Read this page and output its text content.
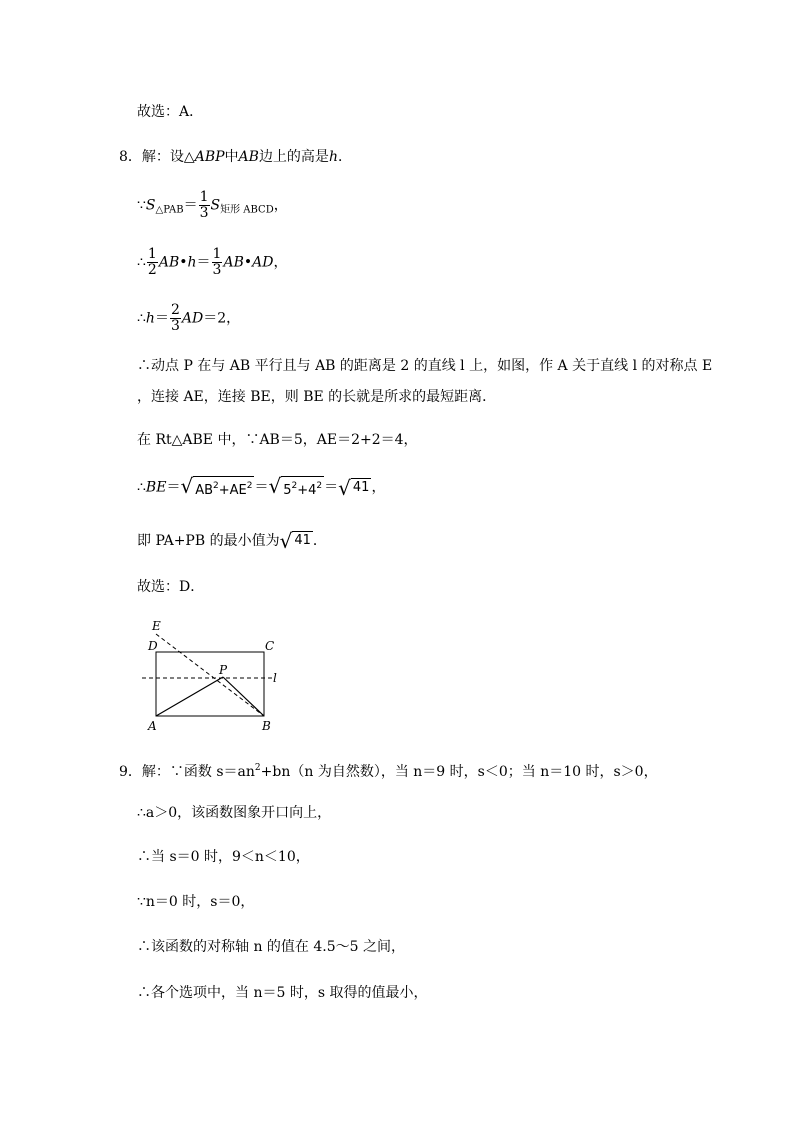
故选：A．
8．解：设△ABP中AB边上的高是h．
$\because S_{\triangle PAB}= \frac{1}{3} S_{矩形 ABCD}$，
∴ $\frac{1}{2}$ AB•h＝ $\frac{1}{3}$ AB•AD，
∴h＝ $\frac{2}{3} AD=2$，
∴动点 P 在与 AB 平行且与 AB 的距离是 2 的直线 l 上，如图，作 A 关于直线 l 的对称点 E
，连接 AE，连接 BE，则 BE 的长就是所求的最短距离．
在 Rt△ABE 中，∵AB＝5，AE＝2+2＝4，
∴BE＝ √ $AB^2+AE^2$ ＝ √ $5^2+4^2$ ＝ √ 41 ，
即 PA+PB 的最小值为 √ 41 ．
故选：D．
E
D	C
P
l
A	B
9．解：∵函数 $s=an^2+bn(n$ 为自然数），当 n＝9 时，s＜0；当 n＝10 时，s＞0，
∴a＞0，该函数图象开口向上，
∴当 s＝0 时，9＜n＜10，
∵n＝0 时，s＝0，
∴该函数的对称轴 n 的值在 4.5～5 之间，
∴各个选项中，当 n＝5 时，s 取得的值最小，
